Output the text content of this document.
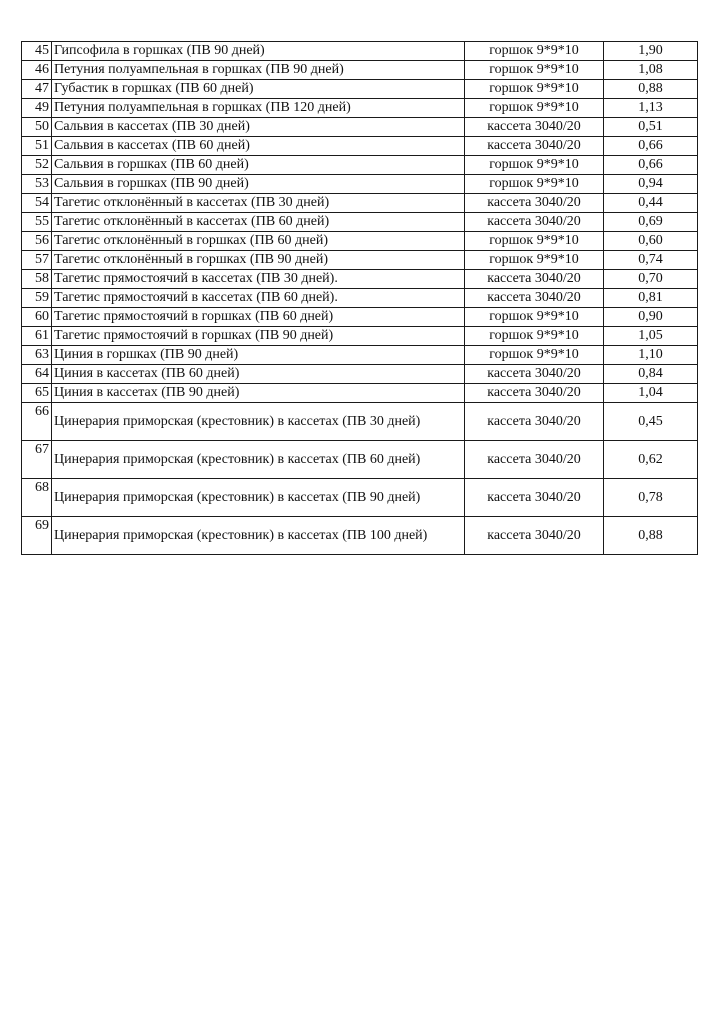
45	Гипсофила в горшках (ПВ 90 дней)	горшок 9*9*10	1,90
46	Петуния полуампельная в горшках (ПВ 90 дней)	горшок 9*9*10	1,08
47	Губастик в горшках (ПВ 60 дней)	горшок 9*9*10	0,88
49	Петуния полуампельная в горшках (ПВ 120 дней)	горшок 9*9*10	1,13
50	Сальвия в кассетах (ПВ 30 дней)	кассета 3040/20	0,51
51	Сальвия в кассетах (ПВ 60 дней)	кассета 3040/20	0,66
52	Сальвия в горшках (ПВ 60 дней)	горшок 9*9*10	0,66
53	Сальвия в горшках (ПВ 90 дней)	горшок 9*9*10	0,94
54	Тагетис отклонённый в кассетах (ПВ 30 дней)	кассета 3040/20	0,44
55	Тагетис отклонённый в кассетах (ПВ 60 дней)	кассета 3040/20	0,69
56	Тагетис отклонённый в горшках (ПВ 60 дней)	горшок 9*9*10	0,60
57	Тагетис отклонённый в горшках (ПВ 90 дней)	горшок 9*9*10	0,74
58	Тагетис прямостоячий в кассетах (ПВ 30 дней).	кассета 3040/20	0,70
59	Тагетис прямостоячий в кассетах (ПВ 60 дней).	кассета 3040/20	0,81
60	Тагетис прямостоячий в горшках (ПВ 60 дней)	горшок 9*9*10	0,90
61	Тагетис прямостоячий в горшках (ПВ 90 дней)	горшок 9*9*10	1,05
63	Циния в горшках (ПВ 90 дней)	горшок 9*9*10	1,10
64	Циния в кассетах (ПВ 60 дней)	кассета 3040/20	0,84
65	Циния в кассетах (ПВ 90 дней)	кассета 3040/20	1,04
66	Цинерария приморская (крестовник) в кассетах (ПВ 30 дней)	кассета 3040/20	0,45
67	Цинерария приморская (крестовник) в кассетах (ПВ 60 дней)	кассета 3040/20	0,62
68	Цинерария приморская (крестовник) в кассетах (ПВ 90 дней)	кассета 3040/20	0,78
69	Цинерария приморская (крестовник) в кассетах (ПВ 100 дней)	кассета 3040/20	0,88
